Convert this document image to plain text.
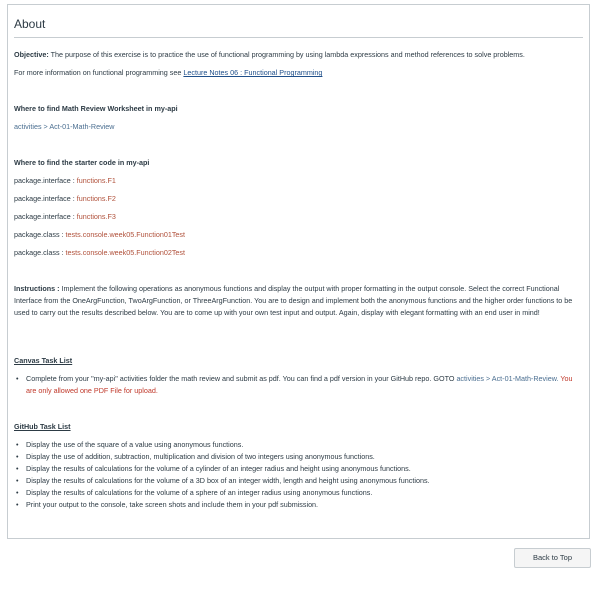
About
Objective: The purpose of this exercise is to practice the use of functional programming by using lambda expressions and method references to solve problems.
For more information on functional programming see Lecture Notes 06 : Functional Programming
Where to find Math Review Worksheet in my-api
activities > Act-01-Math-Review
Where to find the starter code in my-api
package.interface : functions.F1
package.interface : functions.F2
package.interface : functions.F3
package.class : tests.console.week05.Function01Test
package.class : tests.console.week05.Function02Test
Instructions : Implement the following operations as anonymous functions and display the output with proper formatting in the output console. Select the correct Functional Interface from the OneArgFunction, TwoArgFunction, or ThreeArgFunction. You are to design and implement both the anonymous functions and the higher order functions to be used to carry out the results described below. You are to come up with your own test input and output. Again, display with elegant formatting with an end user in mind!
Canvas Task List
• Complete from your "my-api" activities folder the math review and submit as pdf. You can find a pdf version in your GitHub repo. GOTO activities > Act-01-Math-Review. You are only allowed one PDF File for upload.
GitHub Task List
• Display the use of the square of a value using anonymous functions.
• Display the use of addition, subtraction, multiplication and division of two integers using anonymous functions.
• Display the results of calculations for the volume of a cylinder of an integer radius and height using anonymous functions.
• Display the results of calculations for the volume of a 3D box of an integer width, length and height using anonymous functions.
• Display the results of calculations for the volume of a sphere of an integer radius using anonymous functions.
• Print your output to the console, take screen shots and include them in your pdf submission.
Back to Top
